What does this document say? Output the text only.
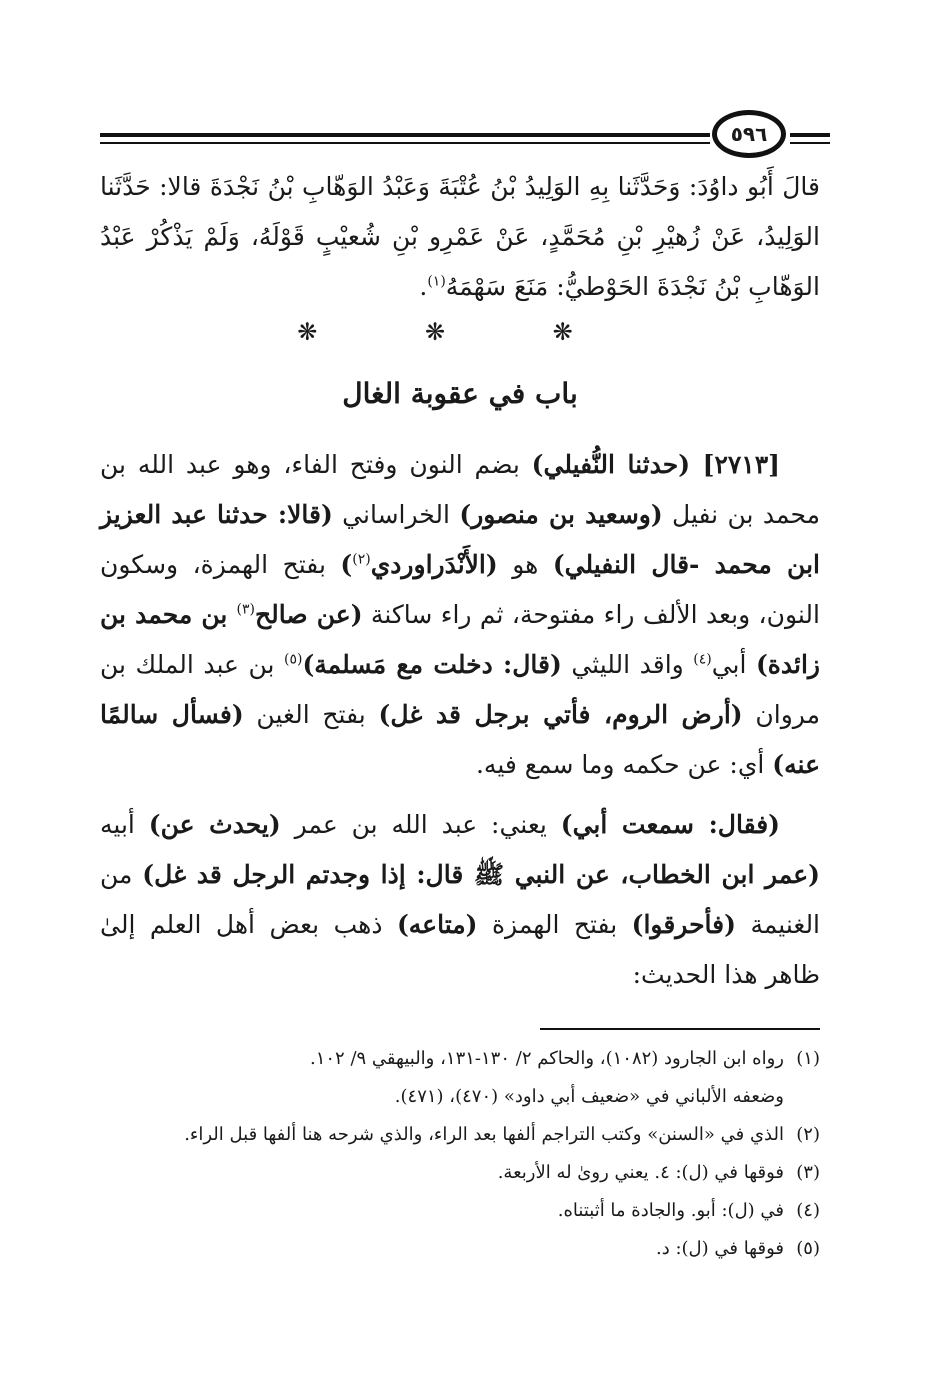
٥٩٦
قالَ أَبُو داوُدَ: وَحَدَّثَنا بِهِ الوَلِيدُ بْنُ عُتْبَةَ وَعَبْدُ الوَهّابِ بْنُ نَجْدَةَ قالا: حَدَّثَنا الوَلِيدُ، عَنْ زُهيْرِ بْنِ مُحَمَّدٍ، عَنْ عَمْرِو بْنِ شُعيْبٍ قَوْلَهُ، وَلَمْ يَذْكُرْ عَبْدُ الوَهّابِ بْنُ نَجْدَةَ الحَوْطيُّ: مَنَعَ سَهْمَهُ$^{(١)}$.
❋ ❋ ❋
باب في عقوبة الغال

[٢٧١٣] (حدثنا النُّفيلي) بضم النون وفتح الفاء، وهو عبد الله بن محمد بن نفيل (وسعيد بن منصور) الخراساني (قالا: حدثنا عبد العزيز ابن محمد -قال النفيلي) هو (الأَنْدَراوردي$^{(٢)}$) بفتح الهمزة، وسكون النون، وبعد الألف راء مفتوحة، ثم راء ساكنة (عن صالح$^{(٣)}$ بن محمد بن زائدة) أبي$^{(٤)}$ واقد الليثي (قال: دخلت مع مَسلمة)$^{(٥)}$ بن عبد الملك بن مروان (أرض الروم، فأتي برجل قد غل) بفتح الغين (فسأل سالمًا عنه) أي: عن حكمه وما سمع فيه.

(فقال: سمعت أبي) يعني: عبد الله بن عمر (يحدث عن) أبيه (عمر ابن الخطاب، عن النبي ﷺ قال: إذا وجدتم الرجل قد غل) من الغنيمة (فأحرقوا) بفتح الهمزة (متاعه) ذهب بعض أهل العلم إلىٰ ظاهر هذا الحديث:

(١)رواه ابن الجارود (١٠٨٢)، والحاكم ٢/ ١٣٠-١٣١، والبيهقي ٩/ ١٠٢.

وضعفه الألباني في «ضعيف أبي داود» (٤٧٠)، (٤٧١).

(٢)الذي في «السنن» وكتب التراجم ألفها بعد الراء، والذي شرحه هنا ألفها قبل الراء.

(٣)فوقها في (ل): ٤. يعني روىٰ له الأربعة.

(٤)في (ل): أبو. والجادة ما أثبتناه.

(٥)فوقها في (ل): د.
